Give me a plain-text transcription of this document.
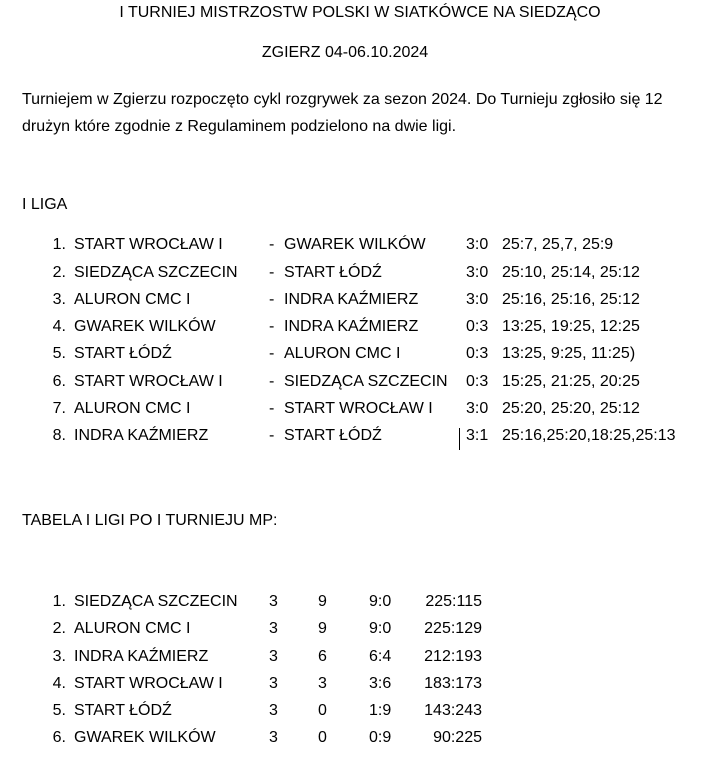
I TURNIEJ MISTRZOSTW POLSKI W SIATKÓWCE NA SIEDZĄCO
ZGIERZ 04-06.10.2024
Turniejem w Zgierzu rozpoczęto cykl rozgrywek za sezon 2024. Do Turnieju zgłosiło się 12 drużyn które zgodnie z Regulaminem podzielono na dwie ligi.
I LIGA
1. START WROCŁAW I	- GWAREK WILKÓW	3:0 25:7, 25,7, 25:9
2. SIEDZĄCA SZCZECIN - START ŁÓDŹ	3:0 25:10, 25:14, 25:12
3. ALURON CMC I	- INDRA KAŹMIERZ	3:0 25:16, 25:16, 25:12
4. GWAREK WILKÓW	- INDRA KAŹMIERZ	0:3 13:25, 19:25, 12:25
5. START ŁÓDŹ	- ALURON CMC I	0:3 13:25, 9:25, 11:25)
6. START WROCŁAW I	- SIEDZĄCA SZCZECIN 0:3 15:25, 21:25, 20:25
7. ALURON CMC I	- START WROCŁAW I 3:0 25:20, 25:20, 25:12
8. INDRA KAŹMIERZ	- START ŁÓDŹ	3:1 25:16,25:20,18:25,25:13
TABELA I LIGI PO I TURNIEJU MP:
1. SIEDZĄCA SZCZECIN 3	9	9:0	225:115
2. ALURON CMC I	3	9	9:0	225:129
3. INDRA KAŹMIERZ	3	6	6:4	212:193
4. START WROCŁAW I	3	3	3:6	183:173
5. START ŁÓDŹ	3	0	1:9	143:243
6. GWAREK WILKÓW	3	0	0:9	90:225
